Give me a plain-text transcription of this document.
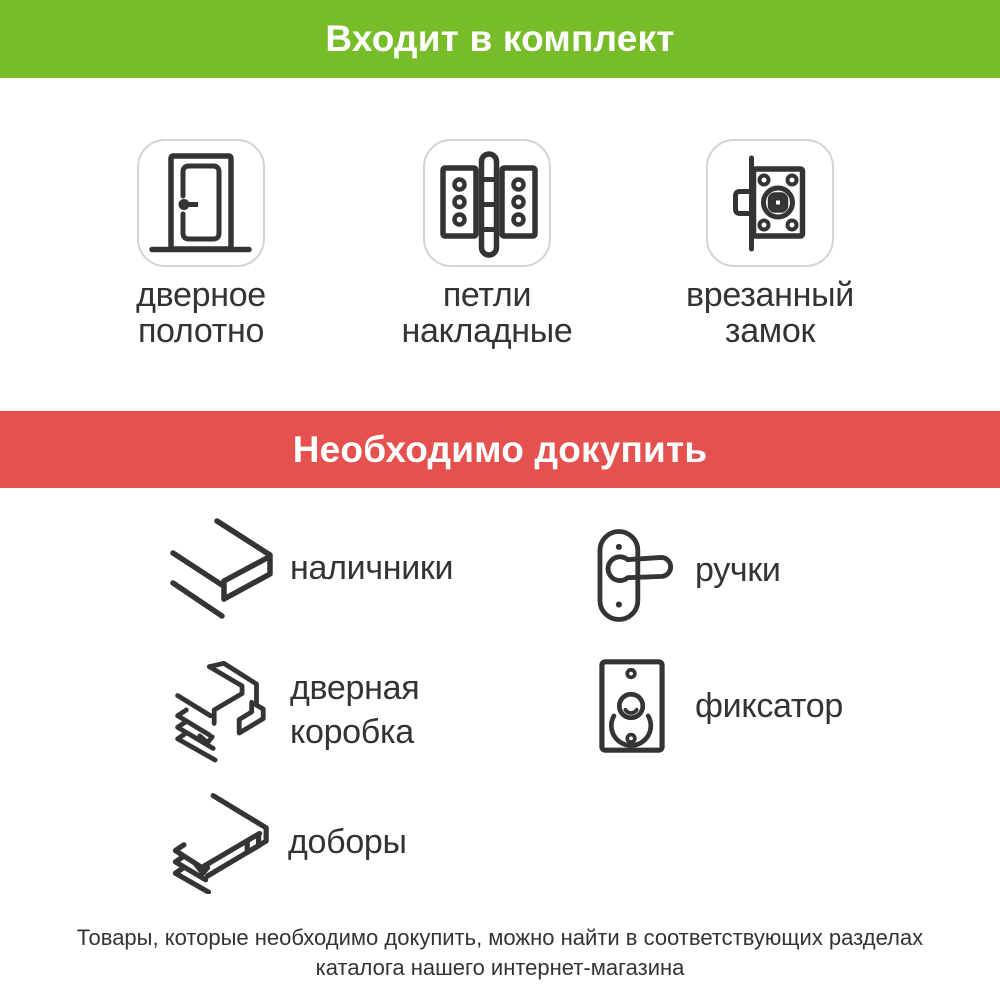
Входит в комплект
дверное
полотно
петли
накладные
врезанный
замок
Необходимо докупить
наличники	ручки
дверная
коробка
фиксатор
доборы
Товары, которые необходимо докупить, можно найти в соответствующих разделах
каталога нашего интернет-магазина
